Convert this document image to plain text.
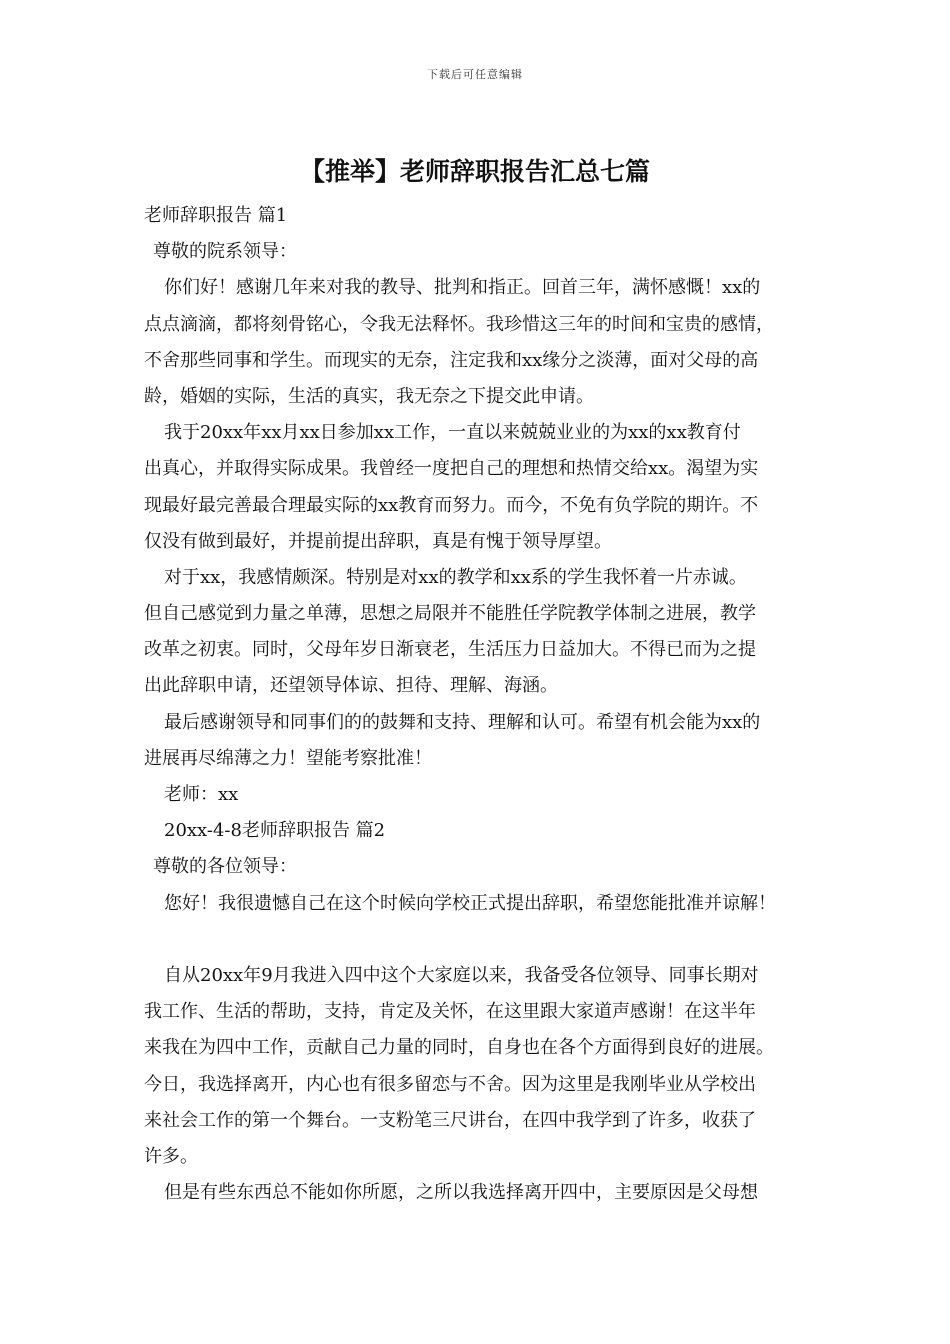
下载后可任意编辑
【推举】老师辞职报告汇总七篇
老师辞职报告 篇1
尊敬的院系领导：
你们好！感谢几年来对我的教导、批判和指正。回首三年，满怀感慨！xx的
点点滴滴，都将刻骨铭心，令我无法释怀。我珍惜这三年的时间和宝贵的感情，
不舍那些同事和学生。而现实的无奈，注定我和xx缘分之淡薄，面对父母的高
龄，婚姻的实际，生活的真实，我无奈之下提交此申请。
我于20xx年xx月xx日参加xx工作，一直以来兢兢业业的为xx的xx教育付
出真心，并取得实际成果。我曾经一度把自己的理想和热情交给xx。渴望为实
现最好最完善最合理最实际的xx教育而努力。而今，不免有负学院的期许。不
仅没有做到最好，并提前提出辞职，真是有愧于领导厚望。
对于xx，我感情颇深。特别是对xx的教学和xx系的学生我怀着一片赤诚。
但自己感觉到力量之单薄，思想之局限并不能胜任学院教学体制之进展，教学
改革之初衷。同时，父母年岁日渐衰老，生活压力日益加大。不得已而为之提
出此辞职申请，还望领导体谅、担待、理解、海涵。
最后感谢领导和同事们的的鼓舞和支持、理解和认可。希望有机会能为xx的
进展再尽绵薄之力！望能考察批准！
老师：xx
20xx-4-8老师辞职报告 篇2
尊敬的各位领导：
您好！我很遗憾自己在这个时候向学校正式提出辞职，希望您能批准并谅解！
自从20xx年9月我进入四中这个大家庭以来，我备受各位领导、同事长期对
我工作、生活的帮助，支持，肯定及关怀，在这里跟大家道声感谢！在这半年
来我在为四中工作，贡献自己力量的同时，自身也在各个方面得到良好的进展。
今日，我选择离开，内心也有很多留恋与不舍。因为这里是我刚毕业从学校出
来社会工作的第一个舞台。一支粉笔三尺讲台，在四中我学到了许多，收获了
许多。
但是有些东西总不能如你所愿，之所以我选择离开四中，主要原因是父母想
